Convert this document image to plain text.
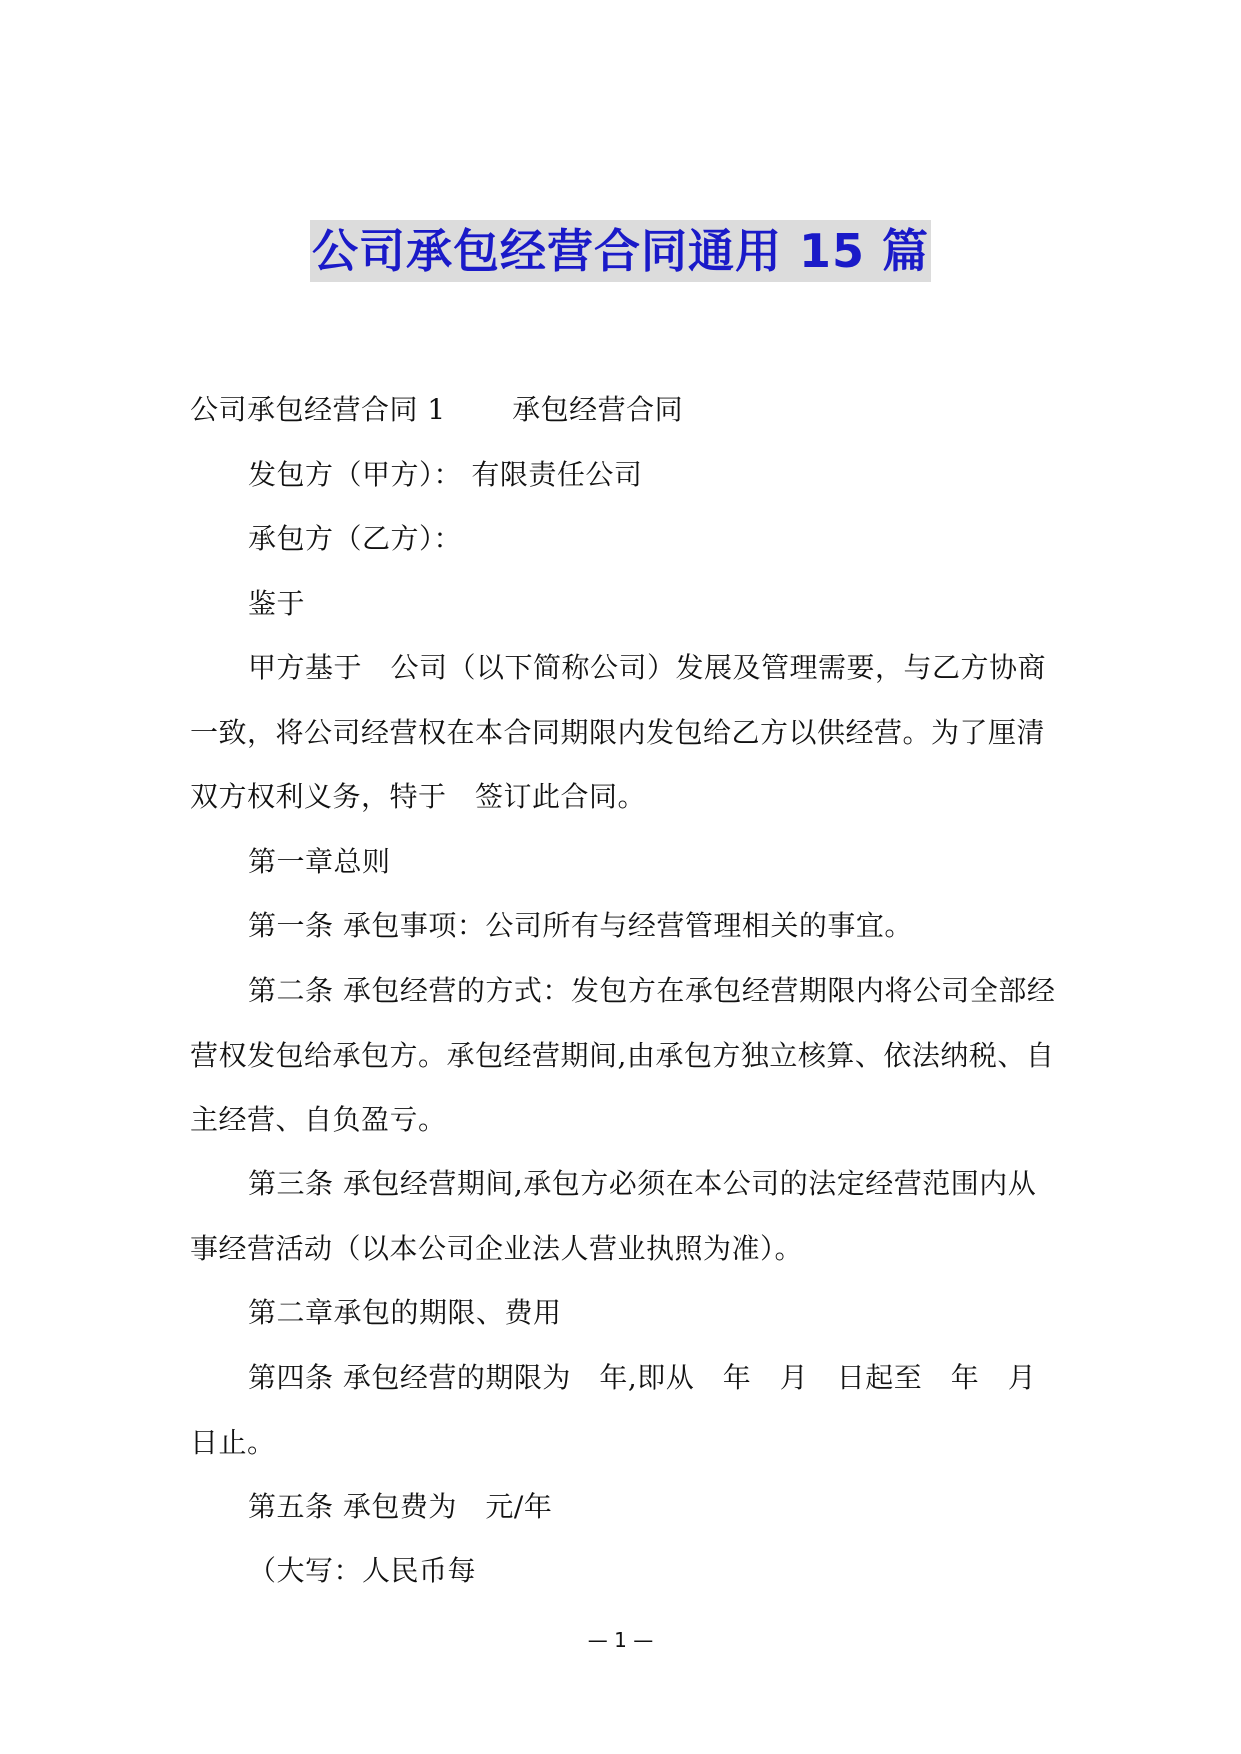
公司承包经营合同通用 15 篇

公司承包经营合同 1　　 承包经营合同

发包方（甲方）： 有限责任公司

承包方（乙方）：

鉴于

甲方基于　公司（以下简称公司）发展及管理需要，与乙方协商一致，将公司经营权在本合同期限内发包给乙方以供经营。为了厘清双方权利义务，特于　签订此合同。

第一章总则

第一条 承包事项：公司所有与经营管理相关的事宜。

第二条 承包经营的方式：发包方在承包经营期限内将公司全部经营权发包给承包方。承包经营期间,由承包方独立核算、依法纳税、自主经营、自负盈亏。

第三条 承包经营期间,承包方必须在本公司的法定经营范围内从事经营活动（以本公司企业法人营业执照为准）。

第二章承包的期限、费用

第四条 承包经营的期限为　年,即从　年　月　日起至　年　月　日止。

第五条 承包费为　元/年

（大写：人民币每

— 1 —
